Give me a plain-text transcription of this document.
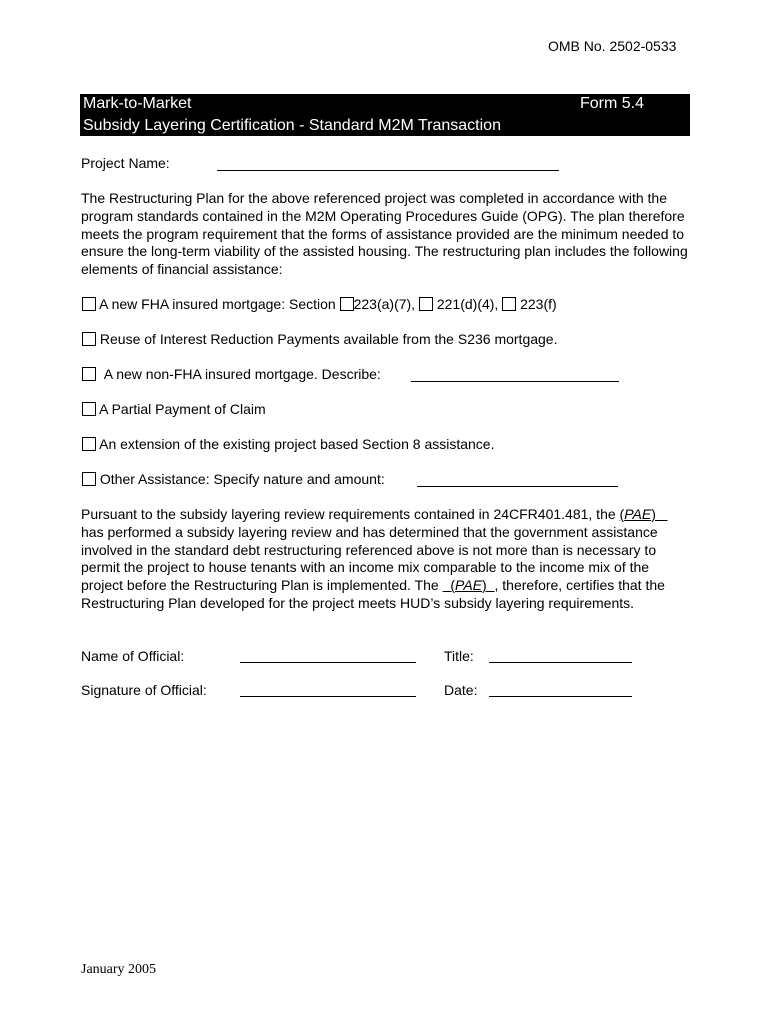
OMB No. 2502-0533
Mark-to-Market	Form 5.4
Subsidy Layering Certification - Standard M2M Transaction
Project Name:
The Restructuring Plan for the above referenced project was completed in accordance with the program standards contained in the M2M Operating Procedures Guide (OPG). The plan therefore meets the program requirement that the forms of assistance provided are the minimum needed to ensure the long-term viability of the assisted housing. The restructuring plan includes the following elements of financial assistance:
A new FHA insured mortgage: Section 223(a)(7), 221(d)(4), 223(f)
Reuse of Interest Reduction Payments available from the S236 mortgage.
A new non-FHA insured mortgage. Describe:
A Partial Payment of Claim
An extension of the existing project based Section 8 assistance.
Other Assistance: Specify nature and amount:
Pursuant to the subsidy layering review requirements contained in 24CFR401.481, the (PAE)    has performed a subsidy layering review and has determined that the government assistance involved in the standard debt restructuring referenced above is not more than is necessary to permit the project to house tenants with an income mix comparable to the income mix of the project before the Restructuring Plan is implemented. The   (PAE)  , therefore, certifies that the Restructuring Plan developed for the project meets HUD’s subsidy layering requirements.
Name of Official:	Title:
Signature of Official:	Date:
January 2005
